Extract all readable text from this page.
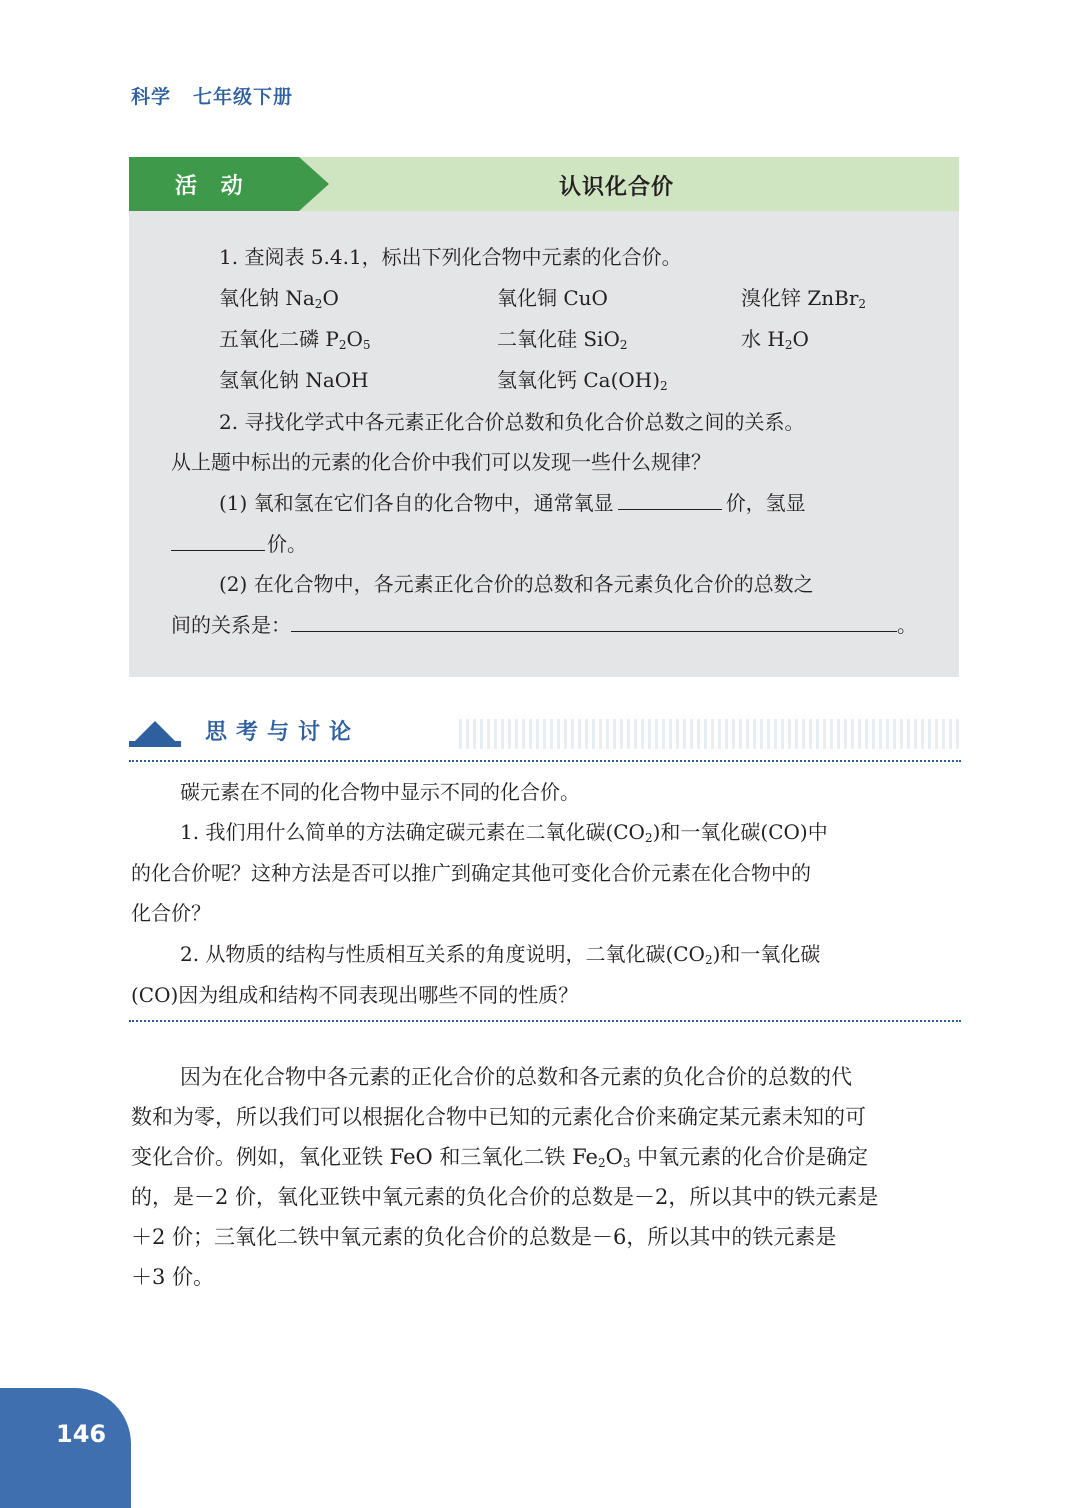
科学 七年级下册
活 动	认识化合价
1. 查阅表 5.4.1，标出下列化合物中元素的化合价。
氧化钠 $Na_2O$	氧化铜 CuO	溴化锌 ZnBr$_2$
五氧化二磷 $P_2O_5$	二氧化硅 SiO$_2$	水 $H_2O$
氢氧化钠 NaOH	氢氧化钙 $Ca(OH)_2$
2. 寻找化学式中各元素正化合价总数和负化合价总数之间的关系。
从上题中标出的元素的化合价中我们可以发现一些什么规律？
(1) 氧和氢在它们各自的化合物中，通常氧显	价，氢显
价。
(2) 在化合物中，各元素正化合价的总数和各元素负化合价的总数之
间的关系是：	。
思考与讨论
碳元素在不同的化合物中显示不同的化合价。
1. 我们用什么简单的方法确定碳元素在二氧化碳$(CO_2)$和一氧化碳(CO)中
的化合价呢？这种方法是否可以推广到确定其他可变化合价元素在化合物中的
化合价？
2. 从物质的结构与性质相互关系的角度说明，二氧化碳$(CO_2)$和一氧化碳
(CO)因为组成和结构不同表现出哪些不同的性质？
因为在化合物中各元素的正化合价的总数和各元素的负化合价的总数的代
数和为零，所以我们可以根据化合物中已知的元素化合价来确定某元素未知的可
变化合价。例如，氧化亚铁 FeO 和三氧化二铁 $Fe_2O_3$ 中氧元素的化合价是确定
的，是－2 价，氧化亚铁中氧元素的负化合价的总数是－2，所以其中的铁元素是
＋2 价；三氧化二铁中氧元素的负化合价的总数是－6，所以其中的铁元素是
＋3 价。
146
